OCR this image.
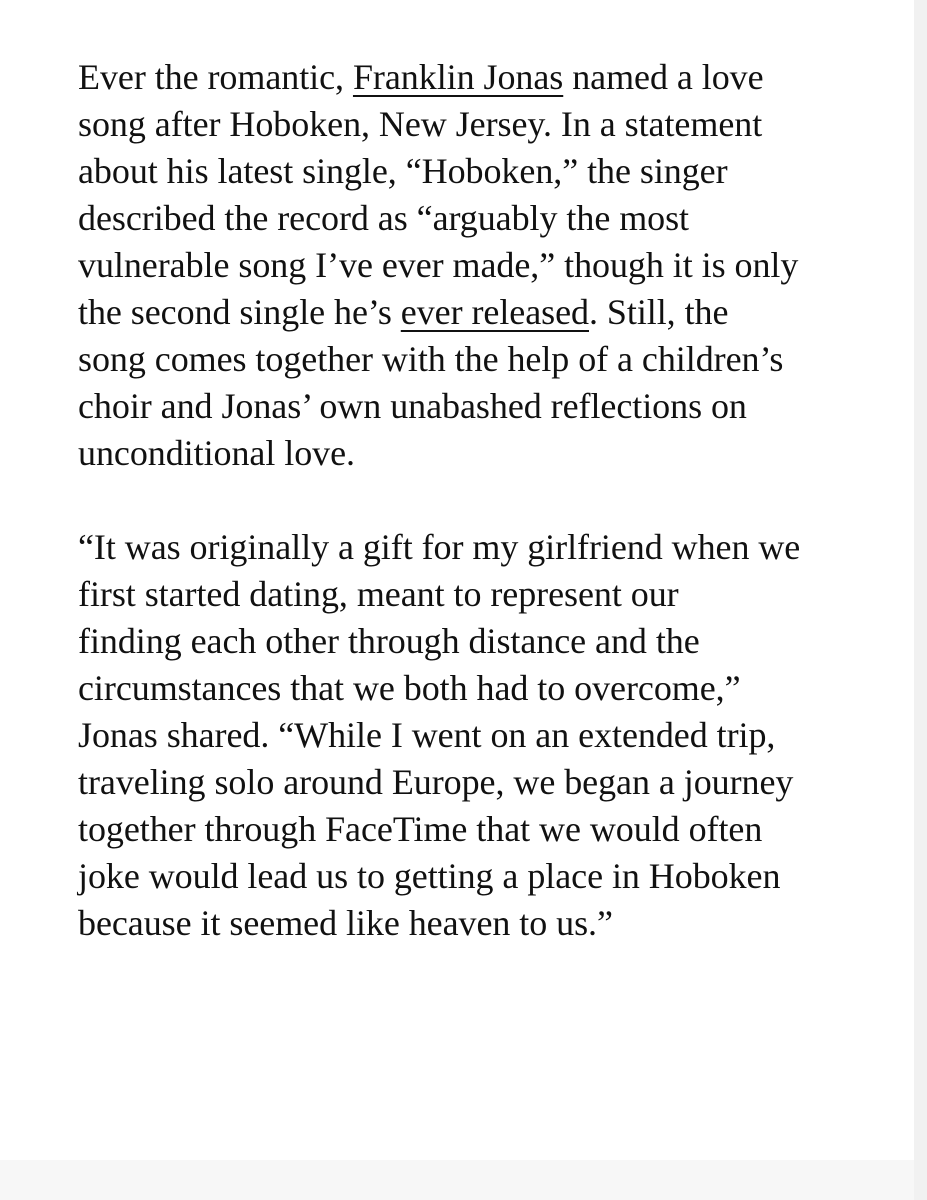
Ever the romantic, Franklin Jonas named a love
song after Hoboken, New Jersey. In a statement
about his latest single, “Hoboken,” the singer
described the record as “arguably the most
vulnerable song I’ve ever made,” though it is only
the second single he’s ever released. Still, the
song comes together with the help of a children’s
choir and Jonas’ own unabashed reflections on
unconditional love.
“It was originally a gift for my girlfriend when we
first started dating, meant to represent our
finding each other through distance and the
circumstances that we both had to overcome,”
Jonas shared. “While I went on an extended trip,
traveling solo around Europe, we began a journey
together through FaceTime that we would often
joke would lead us to getting a place in Hoboken
because it seemed like heaven to us.”
